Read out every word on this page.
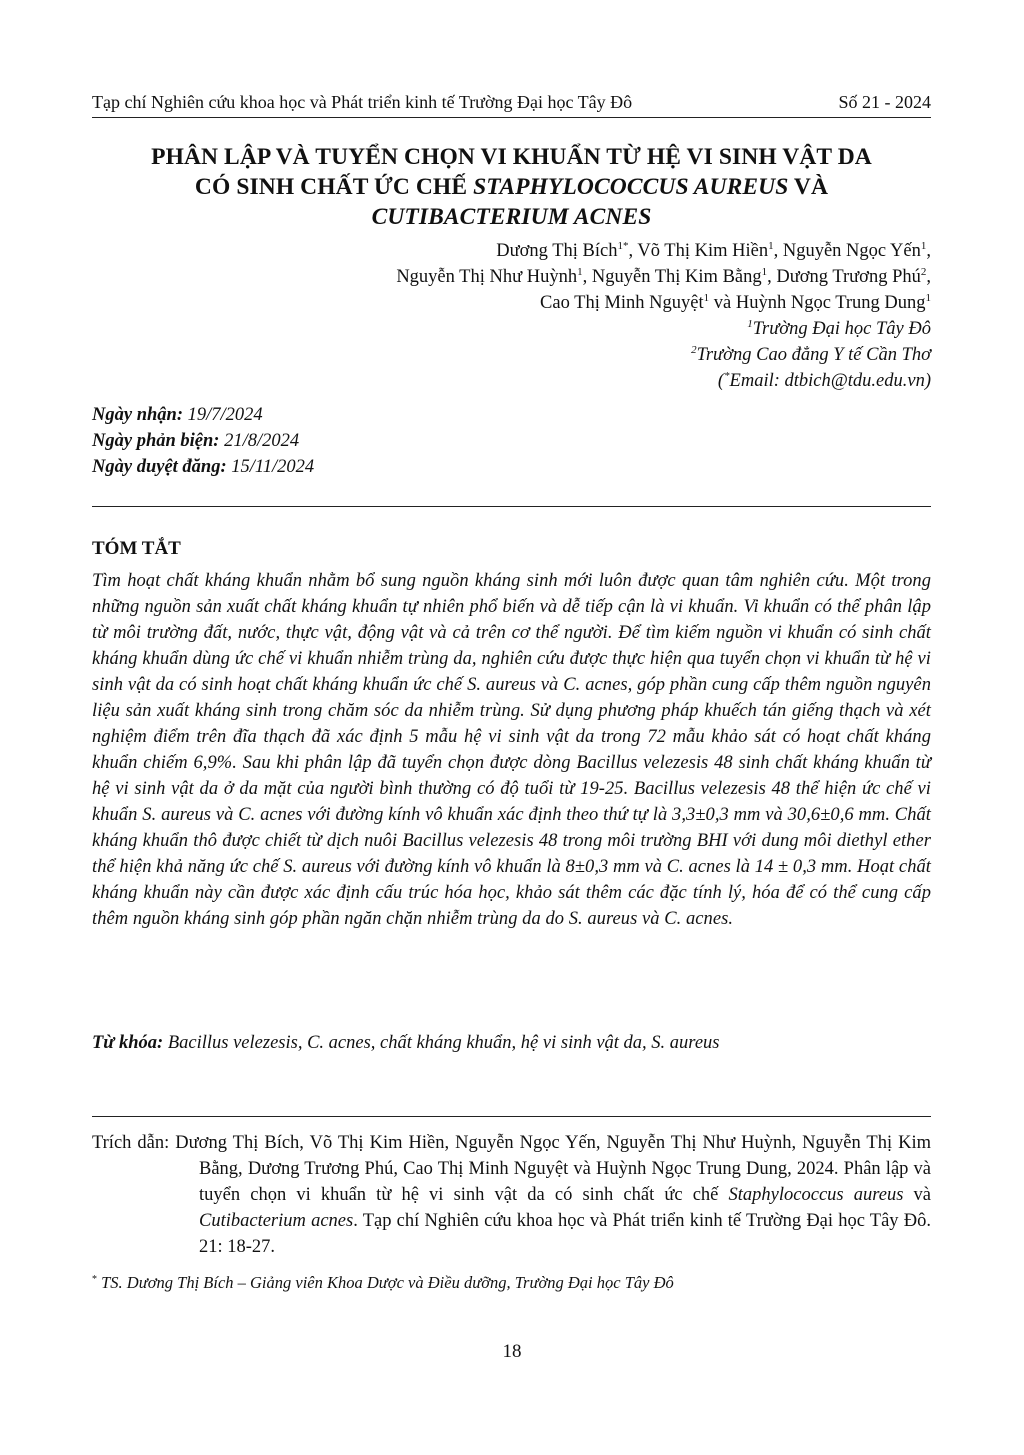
Tạp chí Nghiên cứu khoa học và Phát triển kinh tế Trường Đại học Tây Đô	Số 21 - 2024
PHÂN LẬP VÀ TUYỂN CHỌN VI KHUẨN TỪ HỆ VI SINH VẬT DA
CÓ SINH CHẤT ỨC CHẾ STAPHYLOCOCCUS AUREUS VÀ
CUTIBACTERIUM ACNES
Dương Thị Bích$^{1*}$, Võ Thị Kim Hiền$^1$, Nguyễn Ngọc Yến$^1$,
Nguyễn Thị Như Huỳnh$^1$, Nguyễn Thị Kim Bằng$^1$, Dương Trương Phú$^2$,
Cao Thị Minh Nguyệt$^1$ và Huỳnh Ngọc Trung Dung$^1$
$^1$Trường Đại học Tây Đô
$^2$Trường Cao đẳng Y tế Cần Thơ
(*Email: dtbich@tdu.edu.vn)
Ngày nhận: 19/7/2024
Ngày phản biện: 21/8/2024
Ngày duyệt đăng: 15/11/2024
TÓM TẮT
Tìm hoạt chất kháng khuẩn nhằm bổ sung nguồn kháng sinh mới luôn được quan tâm nghiên cứu. Một trong những nguồn sản xuất chất kháng khuẩn tự nhiên phổ biến và dễ tiếp cận là vi khuẩn. Vi khuẩn có thể phân lập từ môi trường đất, nước, thực vật, động vật và cả trên cơ thể người. Để tìm kiếm nguồn vi khuẩn có sinh chất kháng khuẩn dùng ức chế vi khuẩn nhiễm trùng da, nghiên cứu được thực hiện qua tuyển chọn vi khuẩn từ hệ vi sinh vật da có sinh hoạt chất kháng khuẩn ức chế S. aureus và C. acnes, góp phần cung cấp thêm nguồn nguyên liệu sản xuất kháng sinh trong chăm sóc da nhiễm trùng. Sử dụng phương pháp khuếch tán giếng thạch và xét nghiệm điểm trên đĩa thạch đã xác định 5 mẫu hệ vi sinh vật da trong 72 mẫu khảo sát có hoạt chất kháng khuẩn chiếm 6,9%. Sau khi phân lập đã tuyển chọn được dòng Bacillus velezesis 48 sinh chất kháng khuẩn từ hệ vi sinh vật da ở da mặt của người bình thường có độ tuổi từ 19-25. Bacillus velezesis 48 thể hiện ức chế vi khuẩn S. aureus và C. acnes với đường kính vô khuẩn xác định theo thứ tự là 3,3±0,3 mm và 30,6±0,6 mm. Chất kháng khuẩn thô được chiết từ dịch nuôi Bacillus velezesis 48 trong môi trường BHI với dung môi diethyl ether thể hiện khả năng ức chế S. aureus với đường kính vô khuẩn là 8±0,3 mm và C. acnes là 14 ± 0,3 mm. Hoạt chất kháng khuẩn này cần được xác định cấu trúc hóa học, khảo sát thêm các đặc tính lý, hóa để có thể cung cấp thêm nguồn kháng sinh góp phần ngăn chặn nhiễm trùng da do S. aureus và C. acnes.
Từ khóa: Bacillus velezesis, C. acnes, chất kháng khuẩn, hệ vi sinh vật da, S. aureus
Trích dẫn: Dương Thị Bích, Võ Thị Kim Hiền, Nguyễn Ngọc Yến, Nguyễn Thị Như Huỳnh, Nguyễn Thị Kim Bằng, Dương Trương Phú, Cao Thị Minh Nguyệt và Huỳnh Ngọc Trung Dung, 2024. Phân lập và tuyển chọn vi khuẩn từ hệ vi sinh vật da có sinh chất ức chế Staphylococcus aureus và Cutibacterium acnes. Tạp chí Nghiên cứu khoa học và Phát triển kinh tế Trường Đại học Tây Đô. 21: 18-27.
* TS. Dương Thị Bích – Giảng viên Khoa Dược và Điều dưỡng, Trường Đại học Tây Đô
18
